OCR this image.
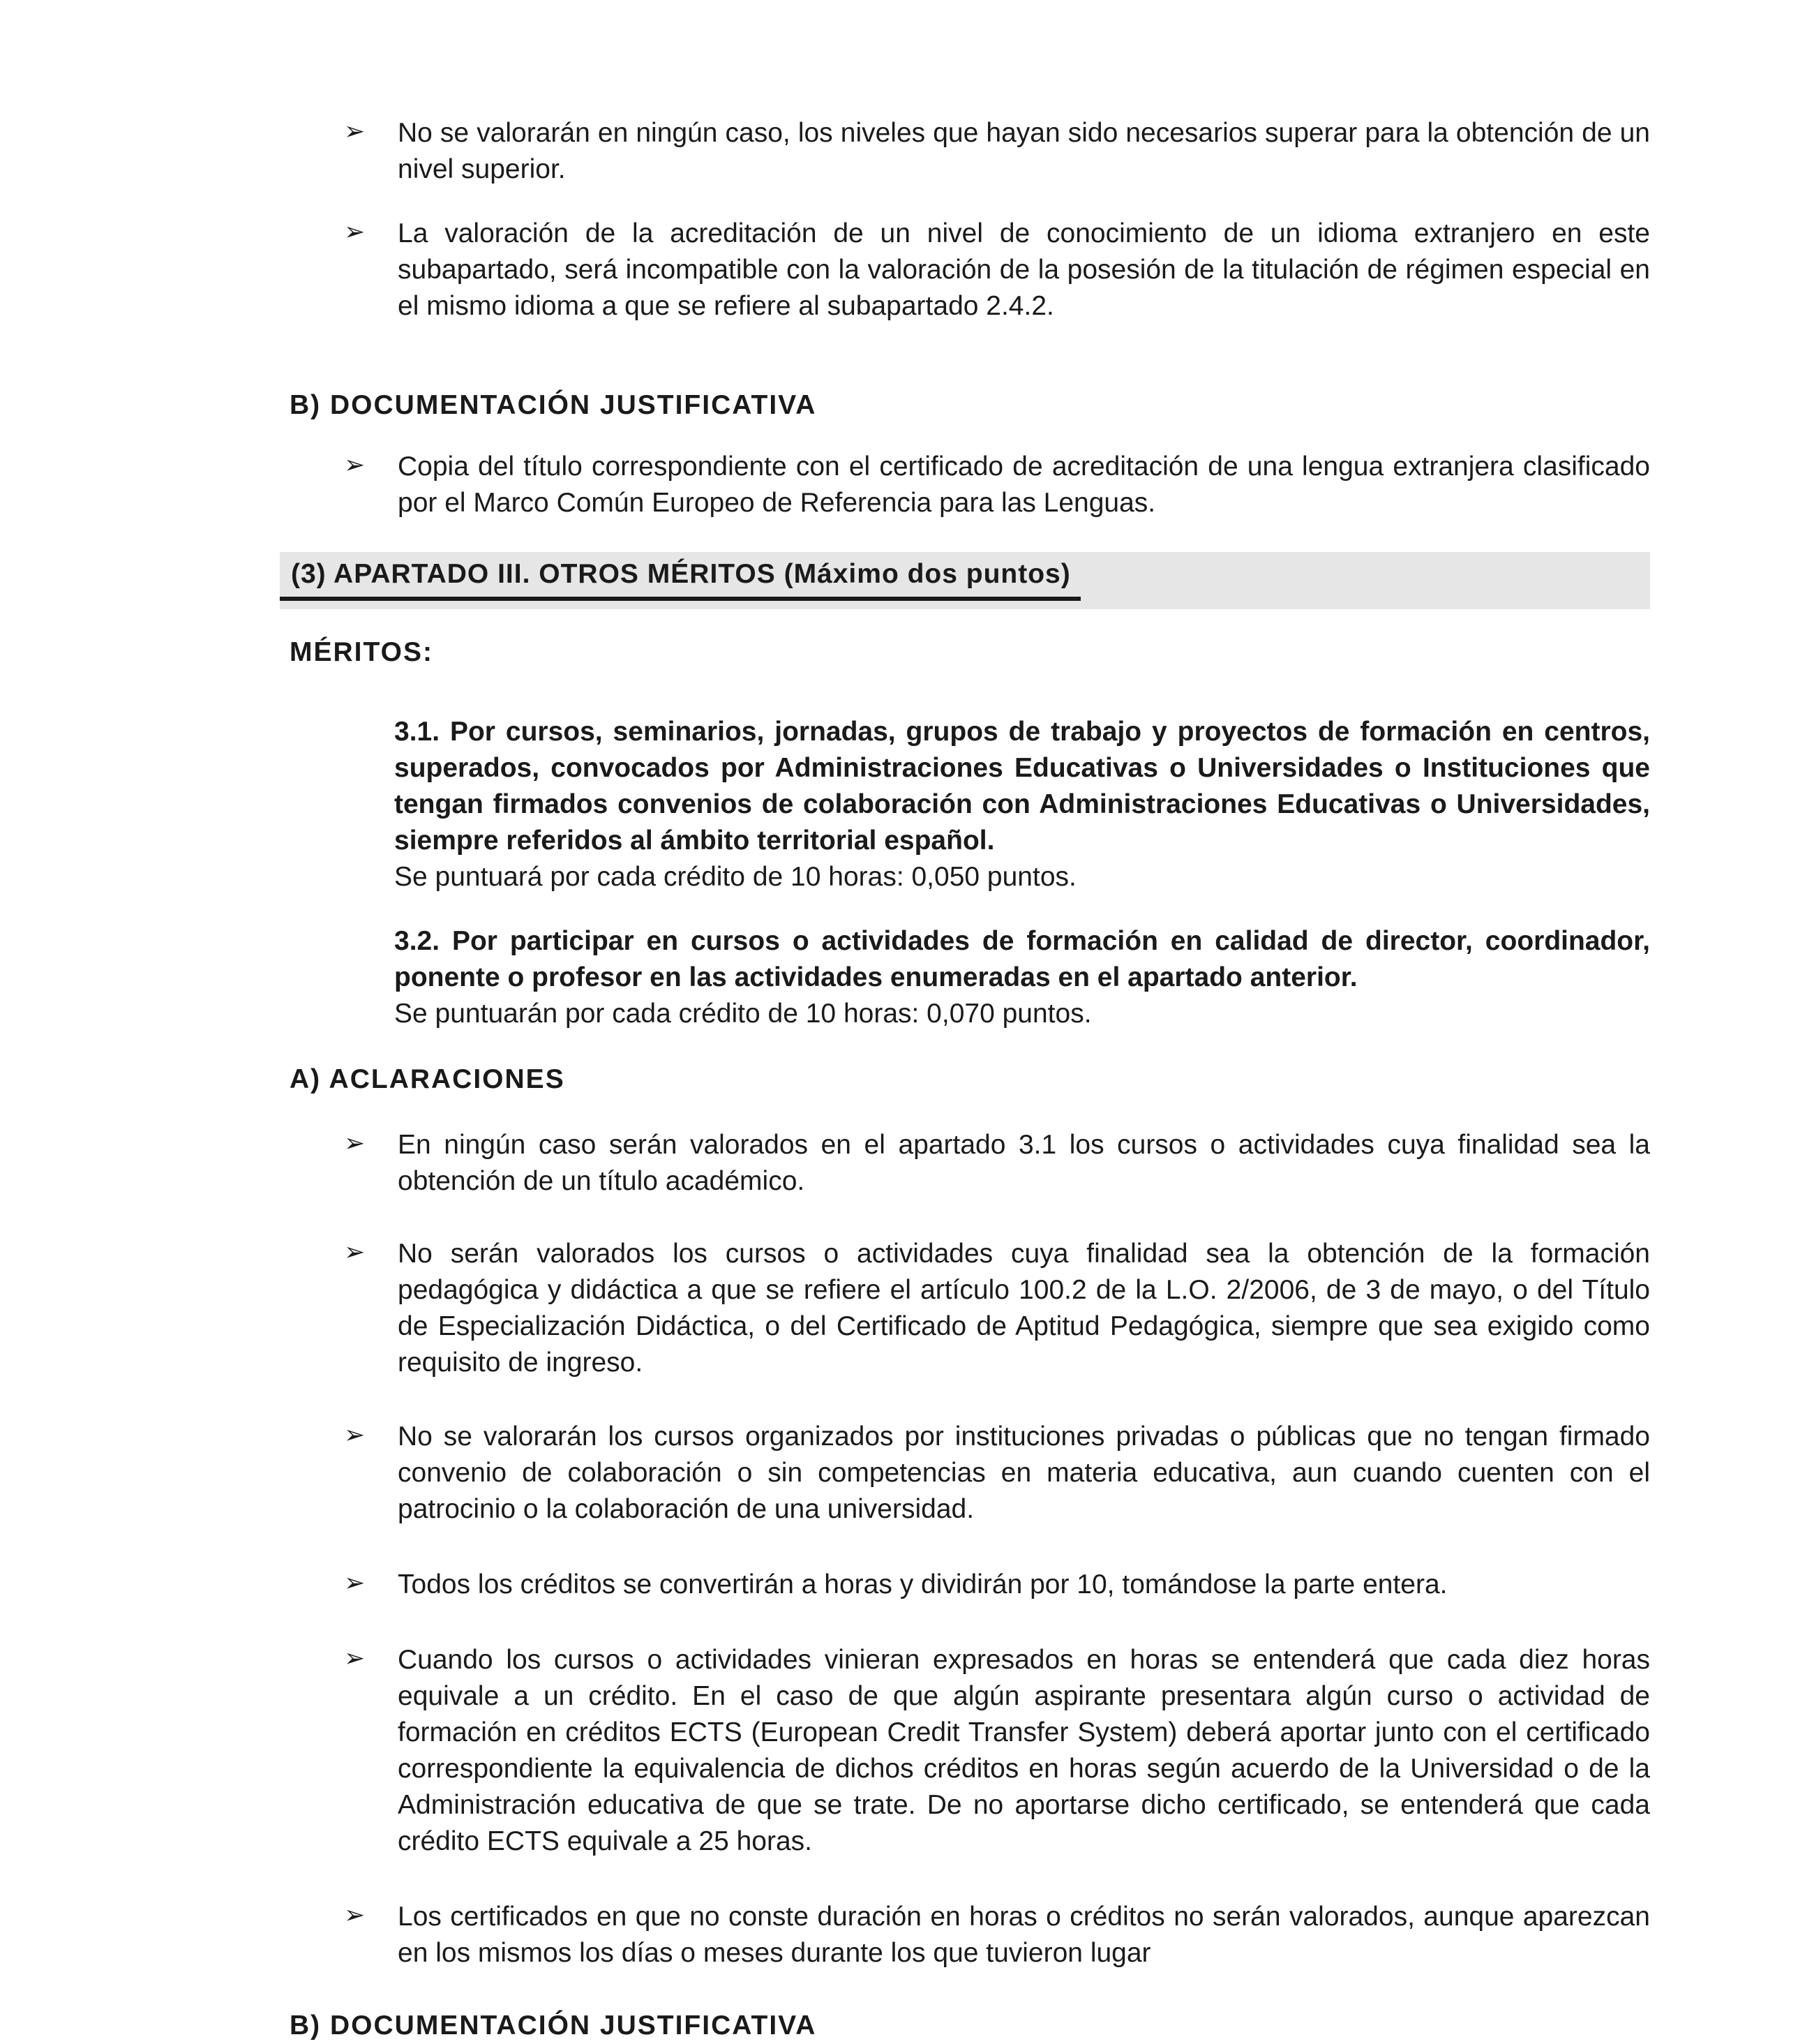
➢ No se valorarán en ningún caso, los niveles que hayan sido necesarios superar para la obtención de un nivel superior.
➢ La valoración de la acreditación de un nivel de conocimiento de un idioma extranjero en este subapartado, será incompatible con la valoración de la posesión de la titulación de régimen especial en el mismo idioma a que se refiere al subapartado 2.4.2.
B) DOCUMENTACIÓN JUSTIFICATIVA
➢ Copia del título correspondiente con el certificado de acreditación de una lengua extranjera clasificado por el Marco Común Europeo de Referencia para las Lenguas.
(3) APARTADO III. OTROS MÉRITOS (Máximo dos puntos)
MÉRITOS:
3.1. Por cursos, seminarios, jornadas, grupos de trabajo y proyectos de formación en centros, superados, convocados por Administraciones Educativas o Universidades o Instituciones que tengan firmados convenios de colaboración con Administraciones Educativas o Universidades, siempre referidos al ámbito territorial español.
Se puntuará por cada crédito de 10 horas: 0,050 puntos.
3.2. Por participar en cursos o actividades de formación en calidad de director, coordinador, ponente o profesor en las actividades enumeradas en el apartado anterior.
Se puntuarán por cada crédito de 10 horas: 0,070 puntos.
A) ACLARACIONES
➢ En ningún caso serán valorados en el apartado 3.1 los cursos o actividades cuya finalidad sea la obtención de un título académico.
➢ No serán valorados los cursos o actividades cuya finalidad sea la obtención de la formación pedagógica y didáctica a que se refiere el artículo 100.2 de la L.O. 2/2006, de 3 de mayo, o del Título de Especialización Didáctica, o del Certificado de Aptitud Pedagógica, siempre que sea exigido como requisito de ingreso.
➢ No se valorarán los cursos organizados por instituciones privadas o públicas que no tengan firmado convenio de colaboración o sin competencias en materia educativa, aun cuando cuenten con el patrocinio o la colaboración de una universidad.
➢ Todos los créditos se convertirán a horas y dividirán por 10, tomándose la parte entera.
➢ Cuando los cursos o actividades vinieran expresados en horas se entenderá que cada diez horas equivale a un crédito. En el caso de que algún aspirante presentara algún curso o actividad de formación en créditos ECTS (European Credit Transfer System) deberá aportar junto con el certificado correspondiente la equivalencia de dichos créditos en horas según acuerdo de la Universidad o de la Administración educativa de que se trate. De no aportarse dicho certificado, se entenderá que cada crédito ECTS equivale a 25 horas.
➢ Los certificados en que no conste duración en horas o créditos no serán valorados, aunque aparezcan en los mismos los días o meses durante los que tuvieron lugar
B) DOCUMENTACIÓN JUSTIFICATIVA
